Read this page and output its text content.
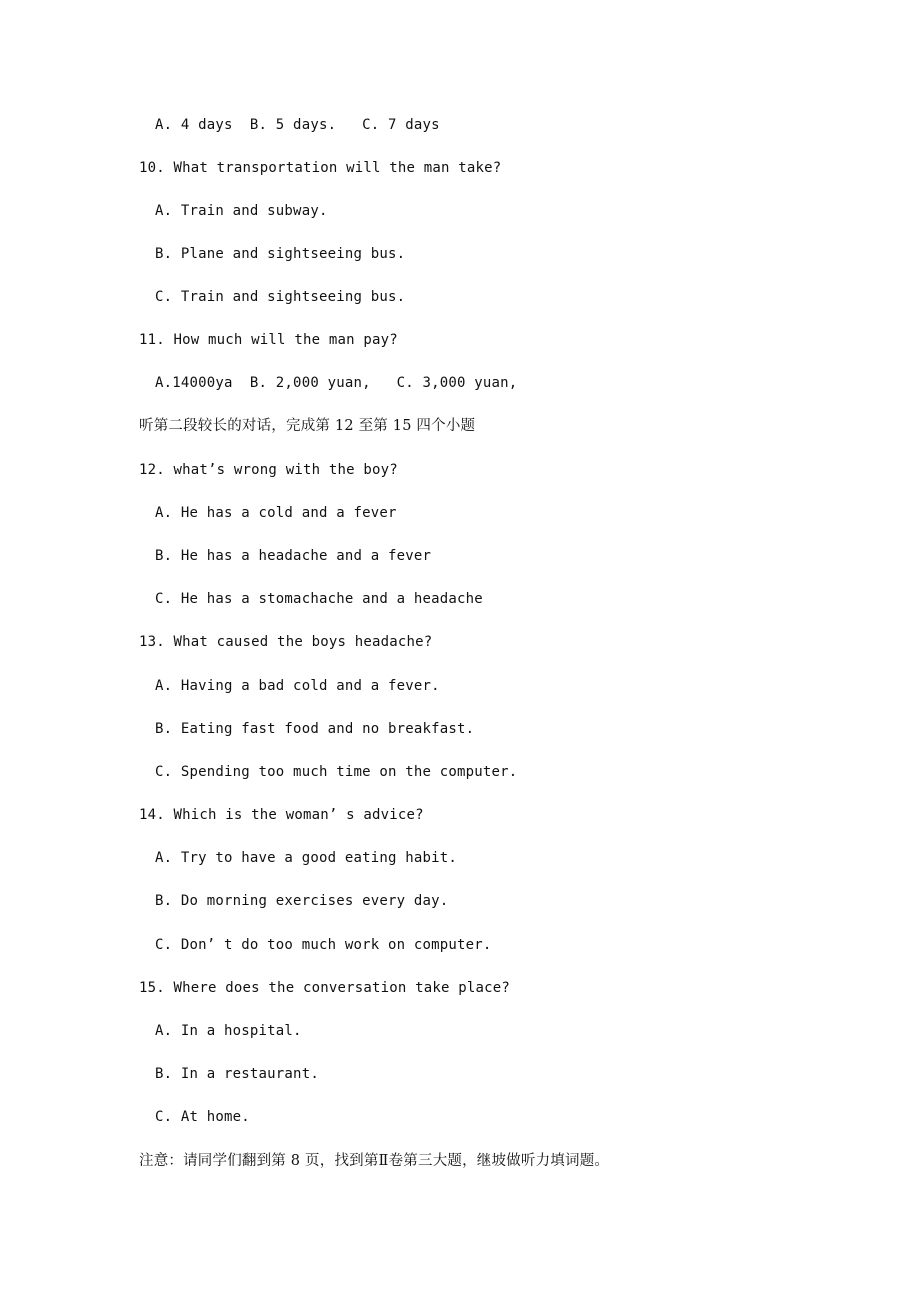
A. 4 days  B. 5 days.   C. 7 days
10. What transportation will the man take?
A. Train and subway.
B. Plane and sightseeing bus.
C. Train and sightseeing bus.
11. How much will the man pay?
A.14000ya  B. 2,000 yuan,   C. 3,000 yuan,
听第二段较长的对话，完成第 12 至第 15 四个小题
12. what’s wrong with the boy?
A. He has a cold and a fever
B. He has a headache and a fever
C. He has a stomachache and a headache
13. What caused the boys headache?
A. Having a bad cold and a fever.
B. Eating fast food and no breakfast.
C. Spending too much time on the computer.
14. Which is the woman’ s advice?
A. Try to have a good eating habit.
B. Do morning exercises every day.
C. Don’ t do too much work on computer.
15. Where does the conversation take place?
A. In a hospital.
B. In a restaurant.
C. At home.
注意：请同学们翻到第 8 页，找到第Ⅱ卷第三大题，继坡做听力填词题。
